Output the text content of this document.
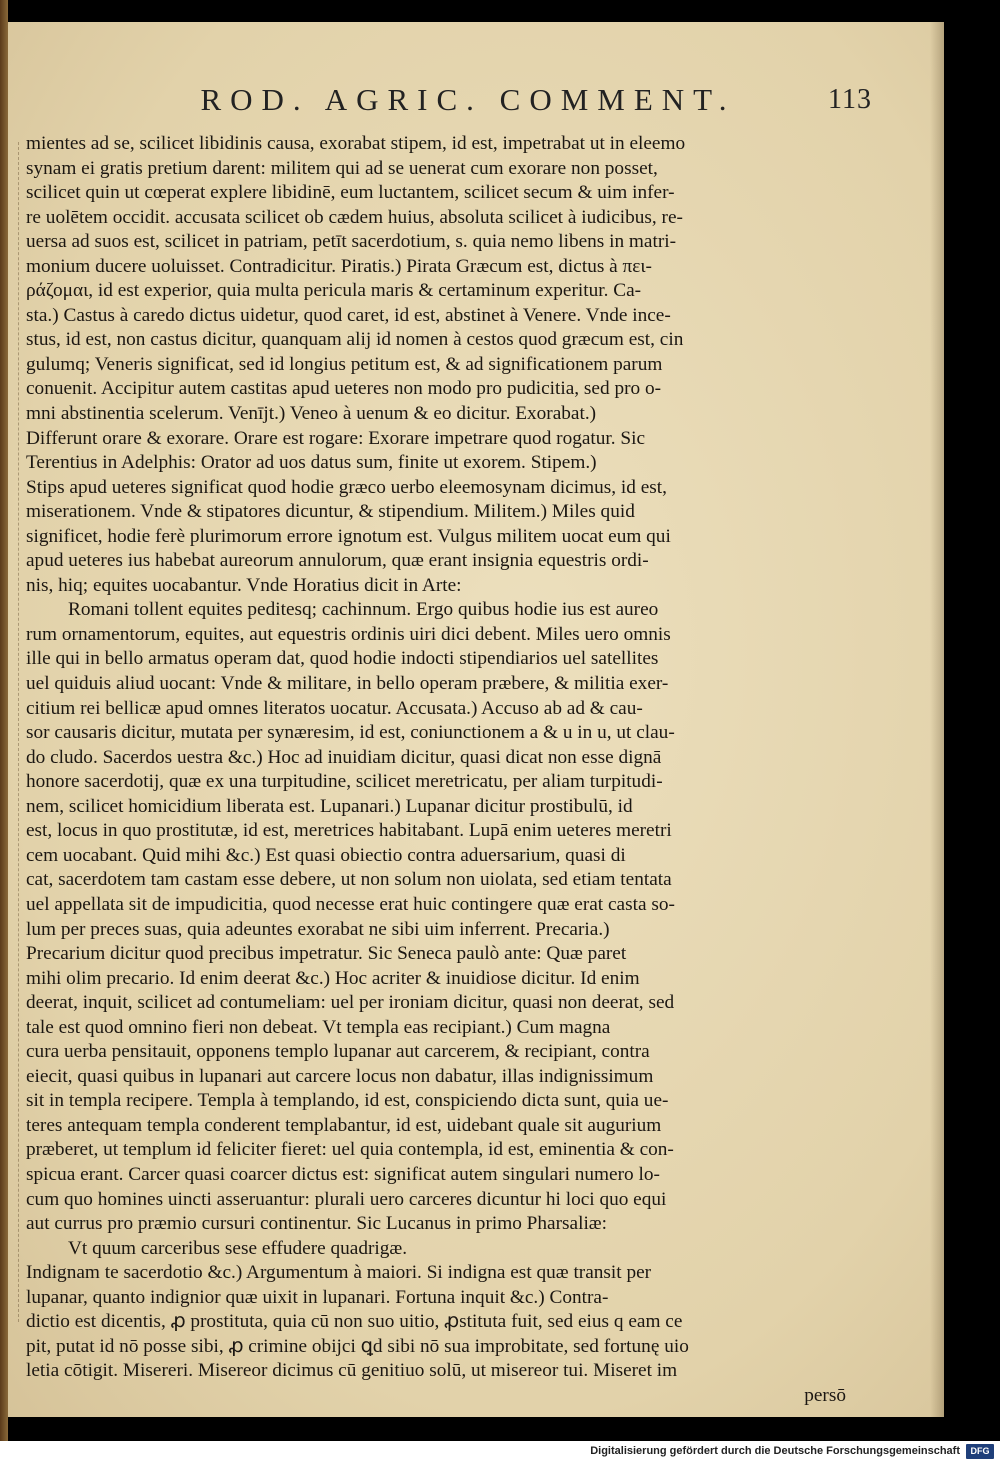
ROD. AGRIC. COMMENT.	113
mientes ad se, scilicet libidinis causa, exorabat stipem, id est, impetrabat ut in eleemo
synam ei gratis pretium darent: militem qui ad se uenerat cum exorare non posset,
scilicet quin ut cœperat explere libidinē, eum luctantem, scilicet secum & uim infer-
re uolētem occidit. accusata scilicet ob cædem huius, absoluta scilicet à iudicibus, re-
uersa ad suos est, scilicet in patriam, petīt sacerdotium, s. quia nemo libens in matri-
monium ducere uoluisset. Contradicitur. Piratis.) Pirata Græcum est, dictus à πει-
ράζομαι, id est experior, quia multa pericula maris & certaminum experitur. Ca-
sta.) Castus à caredo dictus uidetur, quod caret, id est, abstinet à Venere. Vnde ince-
stus, id est, non castus dicitur, quanquam alij id nomen à cestos quod græcum est, cin
gulumq; Veneris significat, sed id longius petitum est, & ad significationem parum
conuenit. Accipitur autem castitas apud ueteres non modo pro pudicitia, sed pro o-
mni abstinentia scelerum. Venījt.) Veneo à uenum & eo dicitur. Exorabat.)
Differunt orare & exorare. Orare est rogare: Exorare impetrare quod rogatur. Sic
Terentius in Adelphis: Orator ad uos datus sum, finite ut exorem. Stipem.)
Stips apud ueteres significat quod hodie græco uerbo eleemosynam dicimus, id est,
miserationem. Vnde & stipatores dicuntur, & stipendium. Militem.) Miles quid
significet, hodie ferè plurimorum errore ignotum est. Vulgus militem uocat eum qui
apud ueteres ius habebat aureorum annulorum, quæ erant insignia equestris ordi-
nis, hiq; equites uocabantur. Vnde Horatius dicit in Arte:
Romani tollent equites peditesq; cachinnum. Ergo quibus hodie ius est aureo
rum ornamentorum, equites, aut equestris ordinis uiri dici debent. Miles uero omnis
ille qui in bello armatus operam dat, quod hodie indocti stipendiarios uel satellites
uel quiduis aliud uocant: Vnde & militare, in bello operam præbere, & militia exer-
citium rei bellicæ apud omnes literatos uocatur. Accusata.) Accuso ab ad & cau-
sor causaris dicitur, mutata per synæresim, id est, coniunctionem a & u in u, ut clau-
do cludo. Sacerdos uestra &c.) Hoc ad inuidiam dicitur, quasi dicat non esse dignā
honore sacerdotij, quæ ex una turpitudine, scilicet meretricatu, per aliam turpitudi-
nem, scilicet homicidium liberata est. Lupanari.) Lupanar dicitur prostibulū, id
est, locus in quo prostitutæ, id est, meretrices habitabant. Lupā enim ueteres meretri
cem uocabant. Quid mihi &c.) Est quasi obiectio contra aduersarium, quasi di
cat, sacerdotem tam castam esse debere, ut non solum non uiolata, sed etiam tentata
uel appellata sit de impudicitia, quod necesse erat huic contingere quæ erat casta so-
lum per preces suas, quia adeuntes exorabat ne sibi uim inferrent. Precaria.)
Precarium dicitur quod precibus impetratur. Sic Seneca paulò ante: Quæ paret
mihi olim precario. Id enim deerat &c.) Hoc acriter & inuidiose dicitur. Id enim
deerat, inquit, scilicet ad contumeliam: uel per ironiam dicitur, quasi non deerat, sed
tale est quod omnino fieri non debeat. Vt templa eas recipiant.) Cum magna
cura uerba pensitauit, opponens templo lupanar aut carcerem, & recipiant, contra
eiecit, quasi quibus in lupanari aut carcere locus non dabatur, illas indignissimum
sit in templa recipere. Templa à templando, id est, conspiciendo dicta sunt, quia ue-
teres antequam templa conderent templabantur, id est, uidebant quale sit augurium
præberet, ut templum id feliciter fieret: uel quia contempla, id est, eminentia & con-
spicua erant. Carcer quasi coarcer dictus est: significat autem singulari numero lo-
cum quo homines uincti asseruantur: plurali uero carceres dicuntur hi loci quo equi
aut currus pro præmio cursuri continentur. Sic Lucanus in primo Pharsaliæ:
Vt quum carceribus sese effudere quadrigæ.
Indignam te sacerdotio &c.) Argumentum à maiori. Si indigna est quæ transit per
lupanar, quanto indignior quæ uixit in lupanari. Fortuna inquit &c.) Contra-
dictio est dicentis, ꝓ prostituta, quia cū non suo uitio, ꝓstituta fuit, sed eius q eam ce
pit, putat id nō posse sibi, ꝓ crimine obijci ꝗd sibi nō sua improbitate, sed fortunę uio
letia cōtigit. Misereri. Misereor dicimus cū genitiuo solū, ut misereor tui. Miseret im
persō
Digitalisierung gefördert durch die Deutsche Forschungsgemeinschaft	DFG
